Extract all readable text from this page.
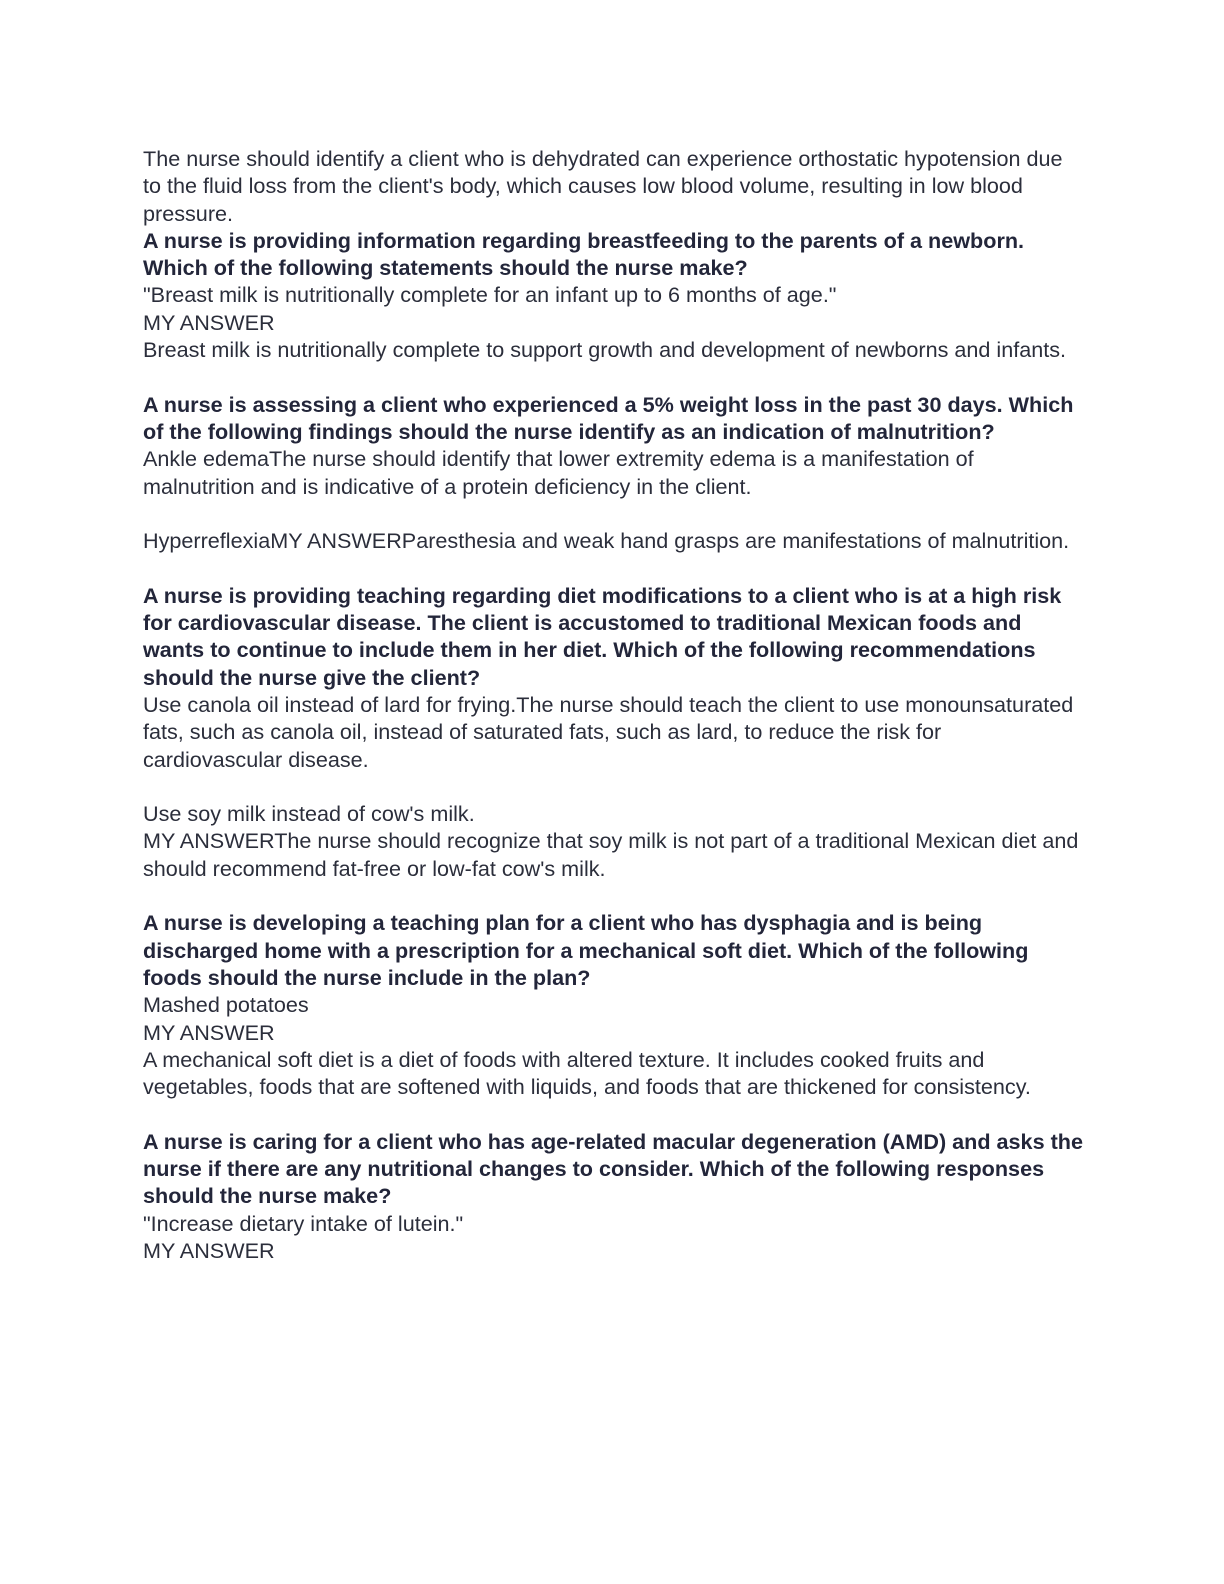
The nurse should identify a client who is dehydrated can experience orthostatic hypotension due to the fluid loss from the client's body, which causes low blood volume, resulting in low blood pressure.

A nurse is providing information regarding breastfeeding to the parents of a newborn. Which of the following statements should the nurse make?

"Breast milk is nutritionally complete for an infant up to 6 months of age."

MY ANSWER

Breast milk is nutritionally complete to support growth and development of newborns and infants.

A nurse is assessing a client who experienced a 5% weight loss in the past 30 days. Which of the following findings should the nurse identify as an indication of malnutrition?

Ankle edemaThe nurse should identify that lower extremity edema is a manifestation of malnutrition and is indicative of a protein deficiency in the client.

HyperreflexiaMY ANSWERParesthesia and weak hand grasps are manifestations of malnutrition.

A nurse is providing teaching regarding diet modifications to a client who is at a high risk for cardiovascular disease. The client is accustomed to traditional Mexican foods and wants to continue to include them in her diet. Which of the following recommendations should the nurse give the client?

Use canola oil instead of lard for frying.The nurse should teach the client to use monounsaturated fats, such as canola oil, instead of saturated fats, such as lard, to reduce the risk for cardiovascular disease.

Use soy milk instead of cow's milk.

MY ANSWERThe nurse should recognize that soy milk is not part of a traditional Mexican diet and should recommend fat-free or low-fat cow's milk.

A nurse is developing a teaching plan for a client who has dysphagia and is being discharged home with a prescription for a mechanical soft diet. Which of the following foods should the nurse include in the plan?

Mashed potatoes

MY ANSWER

A mechanical soft diet is a diet of foods with altered texture. It includes cooked fruits and vegetables, foods that are softened with liquids, and foods that are thickened for consistency.

A nurse is caring for a client who has age-related macular degeneration (AMD) and asks the nurse if there are any nutritional changes to consider. Which of the following responses should the nurse make?

"Increase dietary intake of lutein."

MY ANSWER
